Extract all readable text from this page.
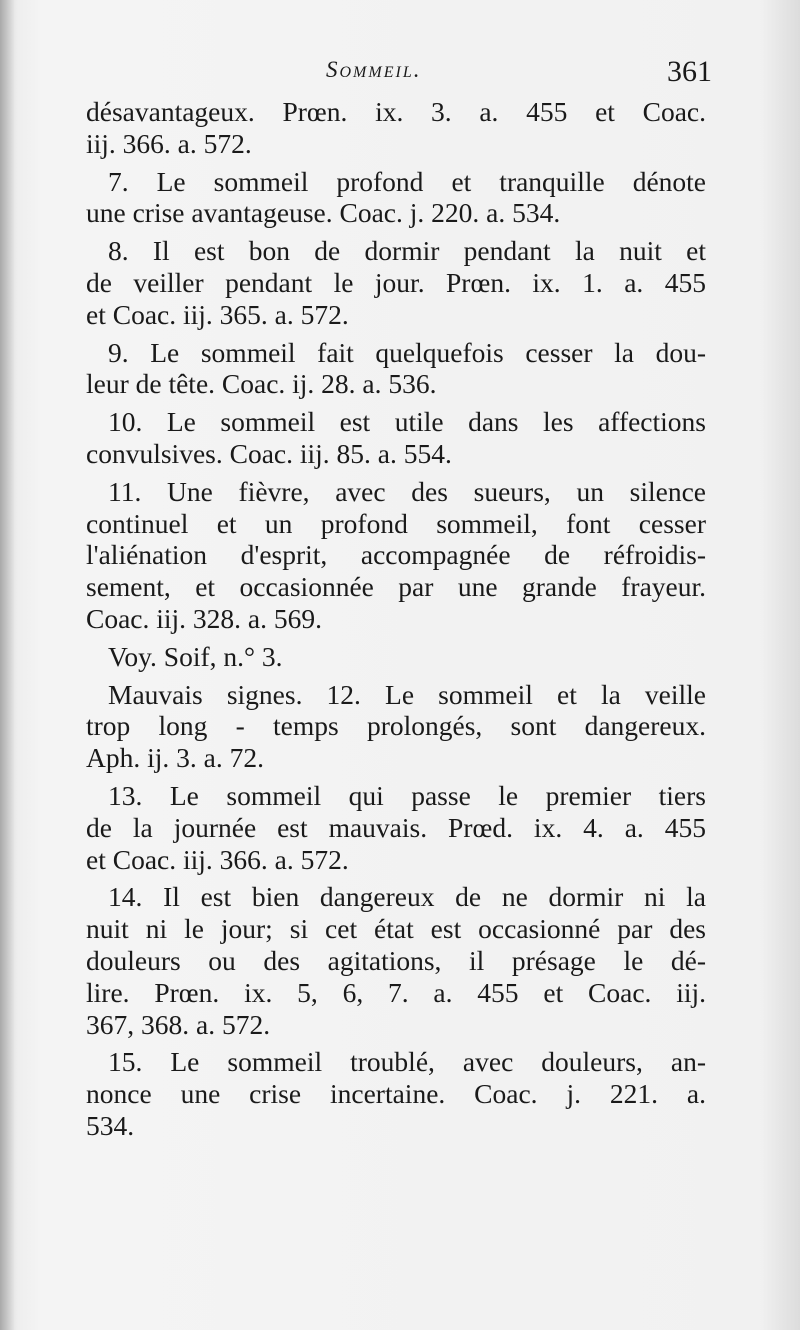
Sommeil.	361

désavantageux. Prœn. ix. 3. a. 455 et Coac.
iij. 366. a. 572.

7. Le sommeil profond et tranquille dénote
une crise avantageuse. Coac. j. 220. a. 534.

8. Il est bon de dormir pendant la nuit et
de veiller pendant le jour. Prœn. ix. 1. a. 455
et Coac. iij. 365. a. 572.

9. Le sommeil fait quelquefois cesser la dou-
leur de tête. Coac. ij. 28. a. 536.

10. Le sommeil est utile dans les affections
convulsives. Coac. iij. 85. a. 554.

11. Une fièvre, avec des sueurs, un silence
continuel et un profond sommeil, font cesser
l'aliénation d'esprit, accompagnée de réfroidis-
sement, et occasionnée par une grande frayeur.
Coac. iij. 328. a. 569.

Voy. Soif, n.° 3.

Mauvais signes. 12. Le sommeil et la veille
trop long - temps prolongés, sont dangereux.
Aph. ij. 3. a. 72.

13. Le sommeil qui passe le premier tiers
de la journée est mauvais. Prœd. ix. 4. a. 455
et Coac. iij. 366. a. 572.

14. Il est bien dangereux de ne dormir ni la
nuit ni le jour; si cet état est occasionné par des
douleurs ou des agitations, il présage le dé-
lire. Prœn. ix. 5, 6, 7. a. 455 et Coac. iij.
367, 368. a. 572.

15. Le sommeil troublé, avec douleurs, an-
nonce une crise incertaine. Coac. j. 221. a.
534.
